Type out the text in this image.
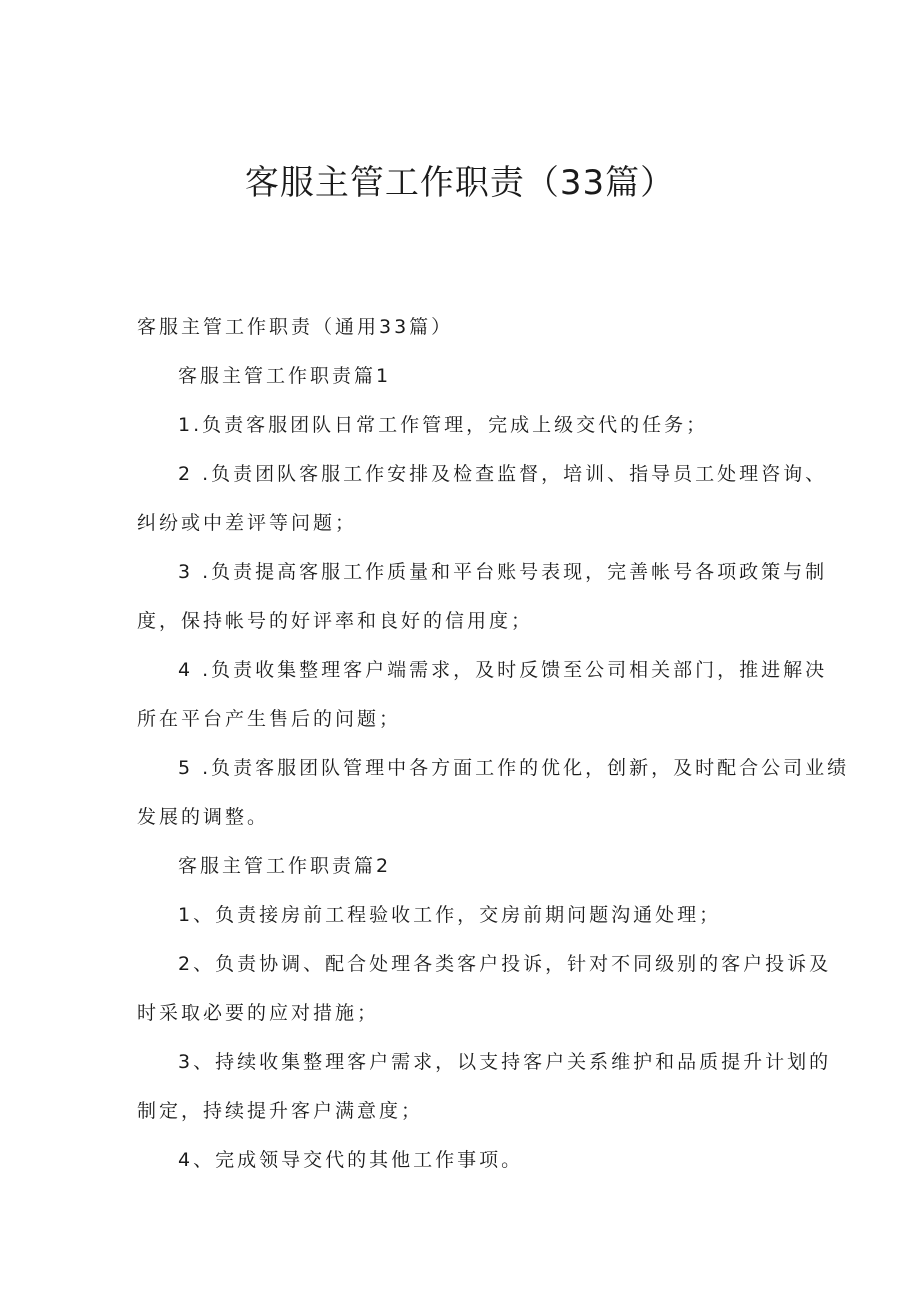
客服主管工作职责（33篇）

客服主管工作职责（通用33篇）

客服主管工作职责篇1

1.负责客服团队日常工作管理，完成上级交代的任务；

2 .负责团队客服工作安排及检查监督，培训、指导员工处理咨询、

纠纷或中差评等问题；

3 .负责提高客服工作质量和平台账号表现，完善帐号各项政策与制

度，保持帐号的好评率和良好的信用度；

4 .负责收集整理客户端需求，及时反馈至公司相关部门，推进解决

所在平台产生售后的问题；

5 .负责客服团队管理中各方面工作的优化，创新，及时配合公司业绩

发展的调整。

客服主管工作职责篇2

1、负责接房前工程验收工作，交房前期问题沟通处理；

2、负责协调、配合处理各类客户投诉，针对不同级别的客户投诉及

时采取必要的应对措施；

3、持续收集整理客户需求，以支持客户关系维护和品质提升计划的

制定，持续提升客户满意度；

4、完成领导交代的其他工作事项。
